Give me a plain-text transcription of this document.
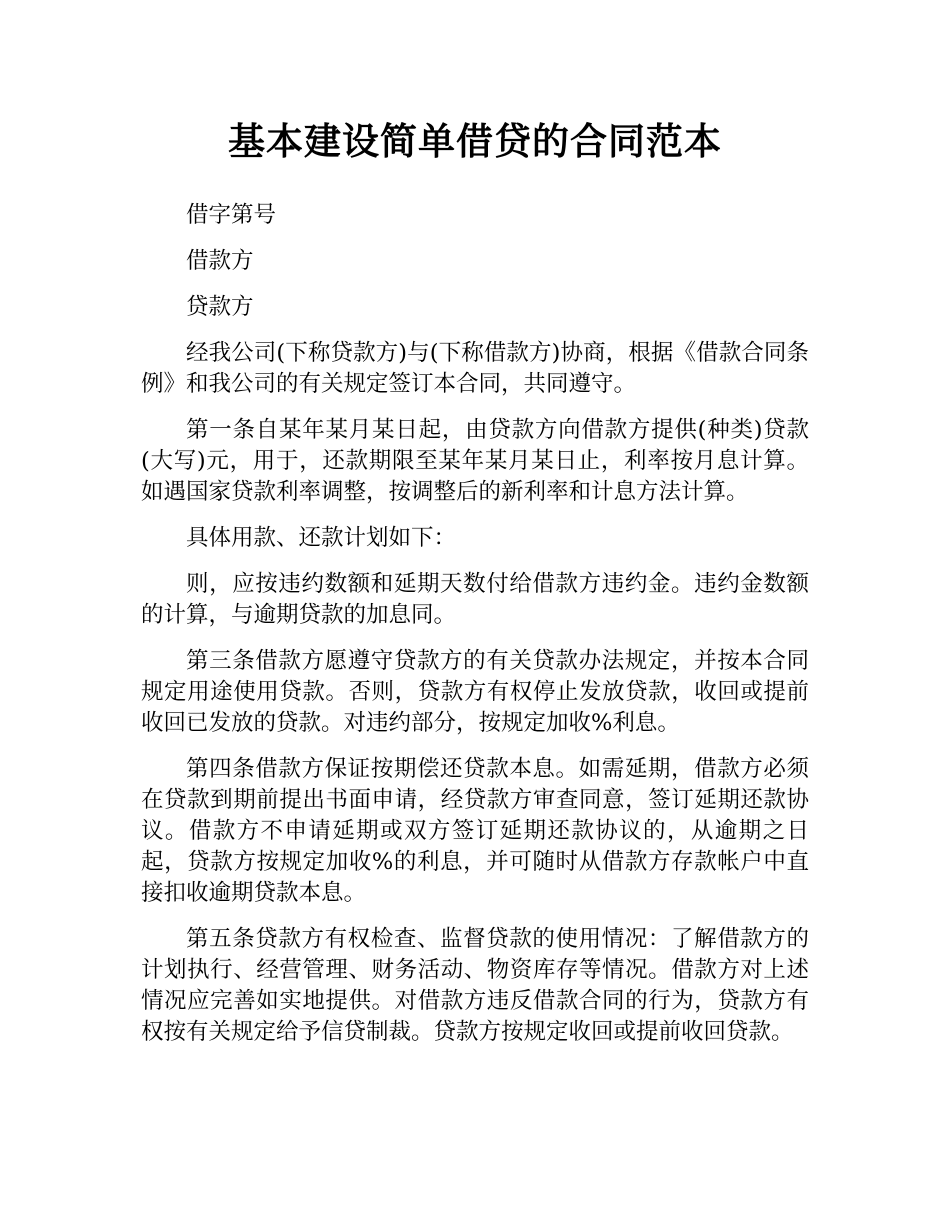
基本建设简单借贷的合同范本

借字第号

借款方

贷款方

经我公司(下称贷款方)与(下称借款方)协商，根据《借款合同条例》和我公司的有关规定签订本合同，共同遵守。

第一条自某年某月某日起，由贷款方向借款方提供(种类)贷款(大写)元，用于，还款期限至某年某月某日止，利率按月息计算。如遇国家贷款利率调整，按调整后的新利率和计息方法计算。

具体用款、还款计划如下：

则，应按违约数额和延期天数付给借款方违约金。违约金数额的计算，与逾期贷款的加息同。

第三条借款方愿遵守贷款方的有关贷款办法规定，并按本合同规定用途使用贷款。否则，贷款方有权停止发放贷款，收回或提前收回已发放的贷款。对违约部分，按规定加收%利息。

第四条借款方保证按期偿还贷款本息。如需延期，借款方必须在贷款到期前提出书面申请，经贷款方审查同意，签订延期还款协议。借款方不申请延期或双方签订延期还款协议的，从逾期之日起，贷款方按规定加收%的利息，并可随时从借款方存款帐户中直接扣收逾期贷款本息。

第五条贷款方有权检查、监督贷款的使用情况：了解借款方的计划执行、经营管理、财务活动、物资库存等情况。借款方对上述情况应完善如实地提供。对借款方违反借款合同的行为，贷款方有权按有关规定给予信贷制裁。贷款方按规定收回或提前收回贷款。
